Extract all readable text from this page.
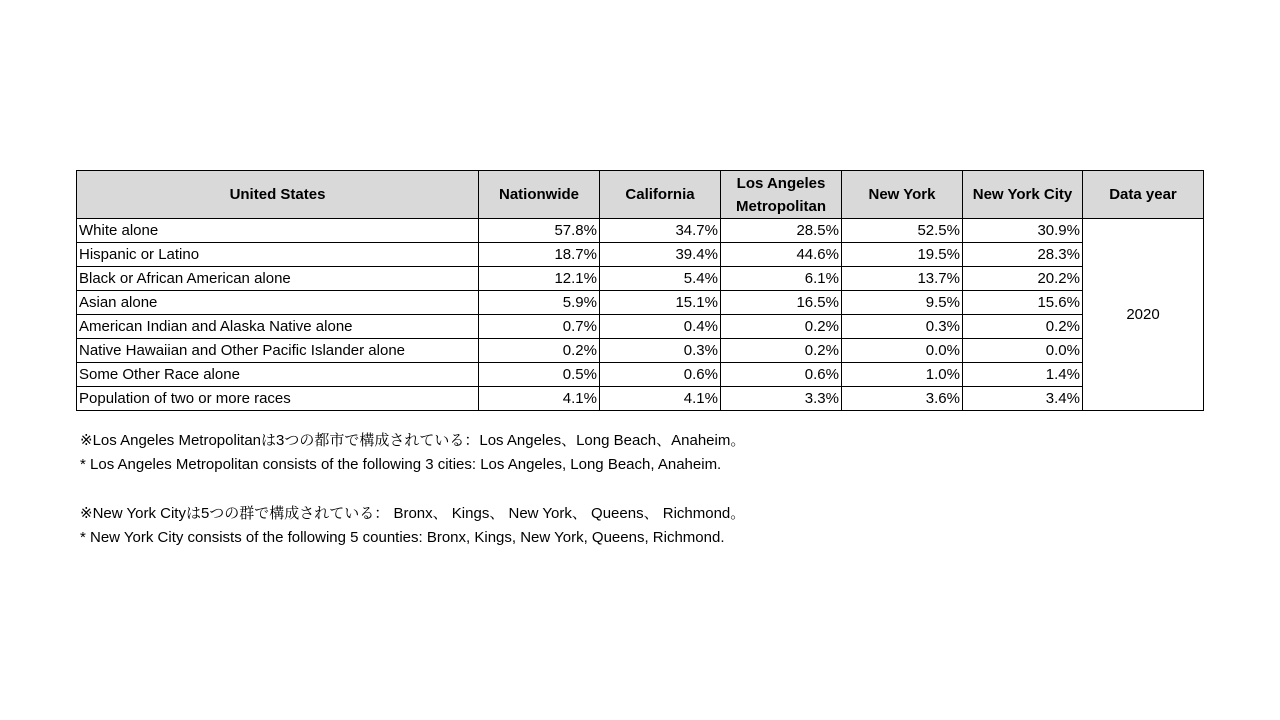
United States	Nationwide	California	Los Angeles Metropolitan	New York	New York City	Data year
White alone	57.8%	34.7%	28.5%	52.5%	30.9%	2020
Hispanic or Latino	18.7%	39.4%	44.6%	19.5%	28.3%	
Black or African American alone	12.1%	5.4%	6.1%	13.7%	20.2%	
Asian alone	5.9%	15.1%	16.5%	9.5%	15.6%	
American Indian and Alaska Native alone	0.7%	0.4%	0.2%	0.3%	0.2%	
Native Hawaiian and Other Pacific Islander alone	0.2%	0.3%	0.2%	0.0%	0.0%	
Some Other Race alone	0.5%	0.6%	0.6%	1.0%	1.4%	
Population of two or more races	4.1%	4.1%	3.3%	3.6%	3.4%	
※Los Angeles Metropolitanは3つの都市で構成されている：Los Angeles、Long Beach、Anaheim。
* Los Angeles Metropolitan consists of the following 3 cities: Los Angeles, Long Beach, Anaheim.
※New York Cityは5つの群で構成されている： Bronx、 Kings、 New York、 Queens、 Richmond。
* New York City consists of the following 5 counties: Bronx, Kings, New York, Queens, Richmond.
